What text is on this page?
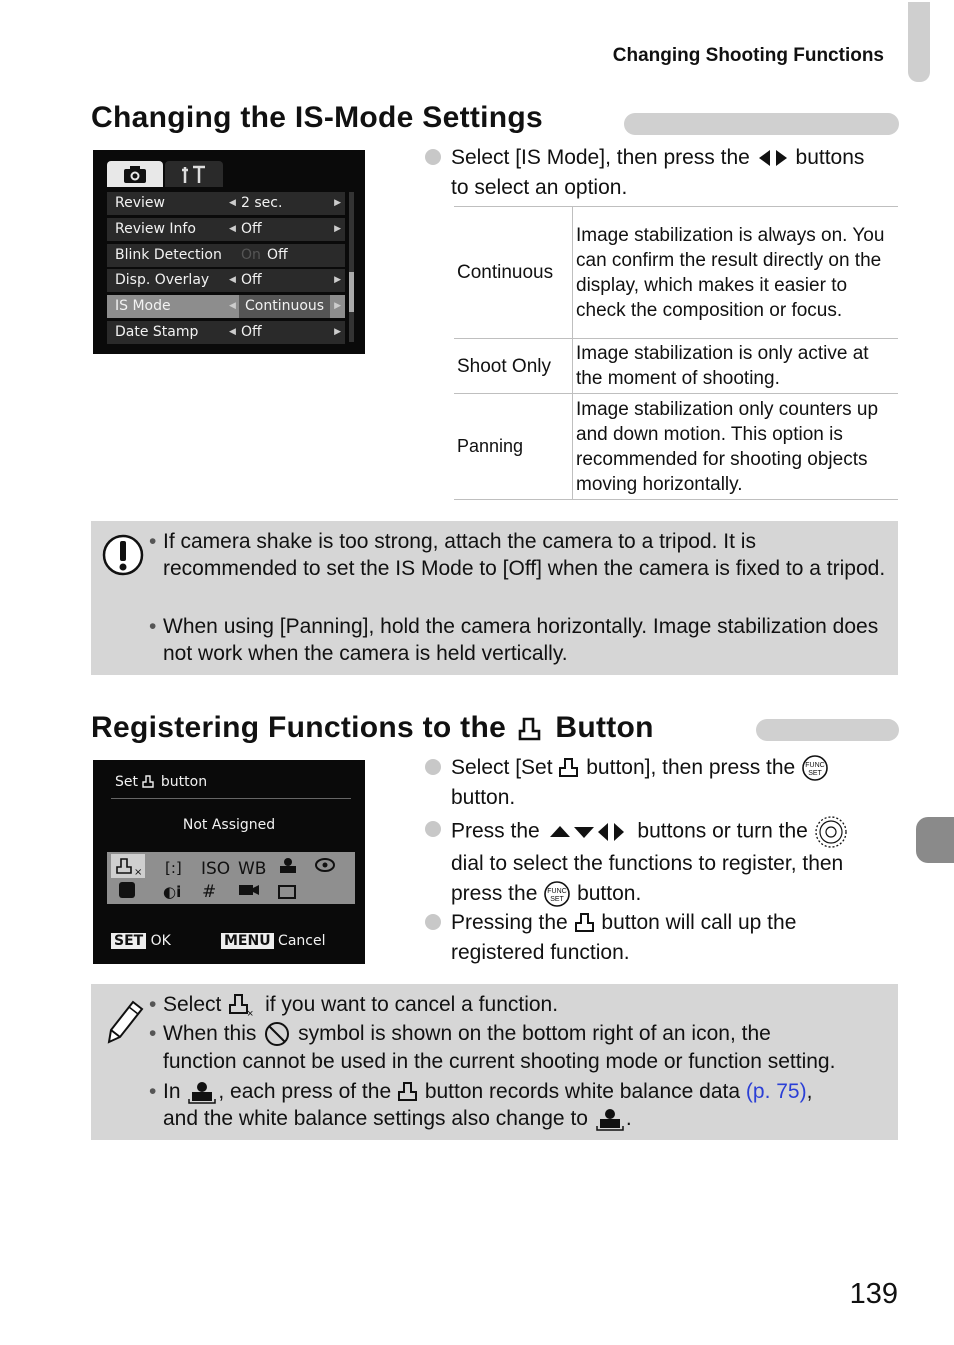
Changing Shooting Functions
Changing the IS-Mode Settings
Review	◀ 2 sec.	▶
Review Info	◀ Off	▶
Blink Detection On Off
Disp. Overlay ◀ Off	▶
IS Mode	◀ Continuous	▶
Date Stamp	◀ Off	▶
Select [IS Mode], then press the buttons
to select an option.
Continuous	Image stabilization is always on. You can confirm the result directly on the display, which makes it easier to check the composition or focus.
Shoot Only	Image stabilization is only active at the moment of shooting.
Panning	Image stabilization only counters up and down motion. This option is recommended for shooting objects moving horizontally.
• If camera shake is too strong, attach the camera to a tripod. It is recommended to set the IS Mode to [Off] when the camera is fixed to a tripod.
• When using [Panning], hold the camera horizontally. Image stabilization does not work when the camera is held vertically.
Registering Functions to the Button
Set button
Not Assigned
× [:] ISO WB
◐i #
SET OK	MENU Cancel
Select [Set button], then press the FUNC
SET

button.
Press the	buttons or turn the
dial to select the functions to register, then
press the FUNC
SET button.
Pressing the button will call up the
registered function.
• Select × if you want to cancel a function.
• When this symbol is shown on the bottom right of an icon, the
function cannot be used in the current shooting mode or function setting.
• In , each press of the button records white balance data (p. 75),
and the white balance settings also change to .
139
